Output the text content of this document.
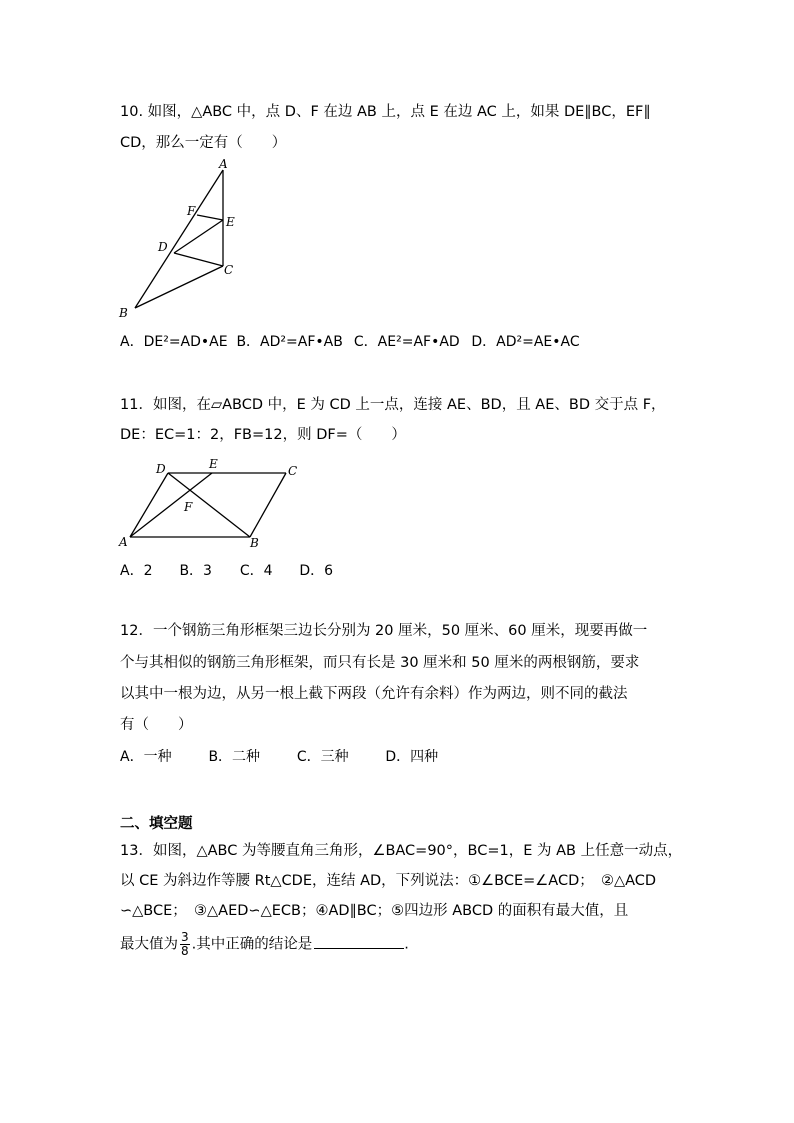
10. 如图，△ABC 中，点 D、F 在边 AB 上，点 E 在边 AC 上，如果 DE∥BC，EF∥
CD，那么一定有（　　）
A
F
E
D
C
B
A．DE²=AD•AE B．AD²=AF•AB C．AE²=AF•AD D．AD²=AE•AC
11．如图，在▱ABCD 中，E 为 CD 上一点，连接 AE、BD，且 AE、BD 交于点 F，
DE：EC=1：2，FB=12，则 DF=（　　）
D	E	C
F
A	B
A．2 B．3 C．4 D．6
12．一个钢筋三角形框架三边长分别为 20 厘米，50 厘米、60 厘米，现要再做一
个与其相似的钢筋三角形框架，而只有长是 30 厘米和 50 厘米的两根钢筋，要求
以其中一根为边，从另一根上截下两段（允许有余料）作为两边，则不同的截法
有（　　）
A．一种	B．二种	C．三种	D．四种
二、填空题
13．如图，△ABC 为等腰直角三角形，∠BAC=90°，BC=1，E 为 AB 上任意一动点，
以 CE 为斜边作等腰 Rt△CDE，连结 AD，下列说法：①∠BCE=∠ACD；　②△ACD
∽△BCE；　③△AED∽△ECB；④AD∥BC；⑤四边形 ABCD 的面积有最大值，且
最大值为 $\frac{3}{8}$ .其中正确的结论是	.
